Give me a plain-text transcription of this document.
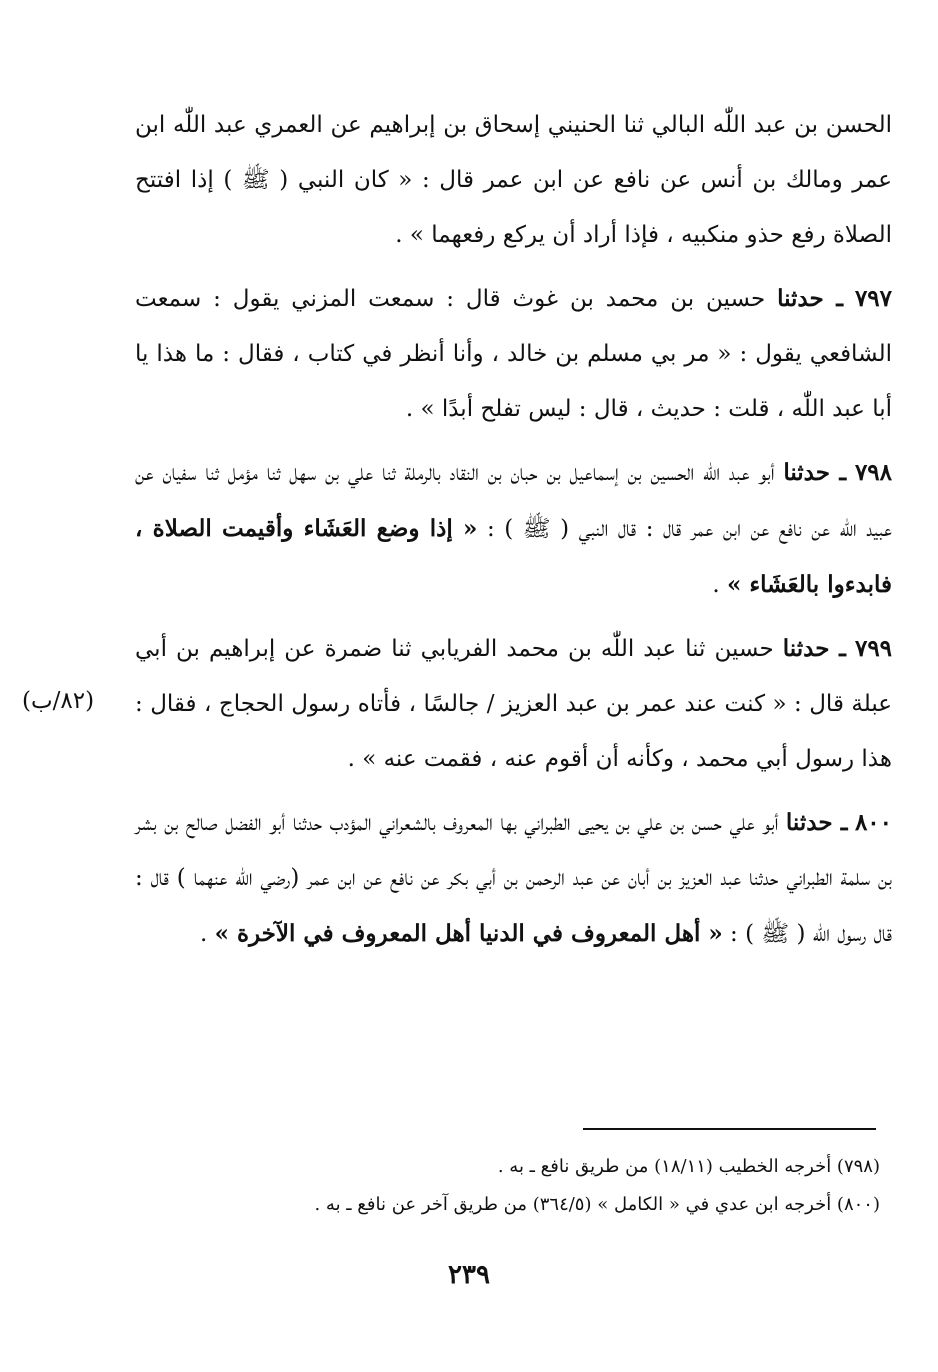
الحسن بن عبد اللّٰه البالي ثنا الحنيني إسحاق بن إبراهيم عن العمري عبد اللّٰه ابن عمر ومالك بن أنس عن نافع عن ابن عمر قال : « كان النبي ( ﷺ ) إذا افتتح الصلاة رفع حذو منكبيه ، فإذا أراد أن يركع رفعهما » .

٧٩٧ ـ حدثنا حسين بن محمد بن غوث قال : سمعت المزني يقول : سمعت الشافعي يقول : « مر بي مسلم بن خالد ، وأنا أنظر في كتاب ، فقال : ما هذا يا أبا عبد اللّٰه ، قلت : حديث ، قال : ليس تفلح أبدًا » .

٧٩٨ ـ حدثنا أبو عبد اللّٰه الحسين بن إسماعيل بن حبان بن النقاد بالرملة ثنا علي بن سهل ثنا مؤمل ثنا سفيان عن عبيد اللّٰه عن نافع عن ابن عمر قال : قال النبي ( ﷺ ) : « إذا وضع العَشَاء وأقيمت الصلاة ، فابدءوا بالعَشَاء » .

٧٩٩ ـ حدثنا حسين ثنا عبد اللّٰه بن محمد الفريابي ثنا ضمرة عن إبراهيم بن أبي عبلة قال : « كنت عند عمر بن عبد العزيز / جالسًا ، فأتاه رسول الحجاج ، فقال : هذا رسول أبي محمد ، وكأنه أن أقوم عنه ، فقمت عنه » .

٨٠٠ ـ حدثنا أبو علي حسن بن علي بن يحيى الطبراني بها المعروف بالشعراني المؤدب حدثنا أبو الفضل صالح بن بشر بن سلمة الطبراني حدثنا عبد العزيز بن أبان عن عبد الرحمن بن أبي بكر عن نافع عن ابن عمر (رضي اللّٰه عنهما ) قال : قال رسول اللّٰه ( ﷺ ) : « أهل المعروف في الدنيا أهل المعروف في الآخرة » .

(٨٢/ب)

(٧٩٨) أخرجه الخطيب (١٨/١١) من طريق نافع ـ به .

(٨٠٠) أخرجه ابن عدي في « الكامل » (٣٦٤/٥) من طريق آخر عن نافع ـ به .

٢٣٩
